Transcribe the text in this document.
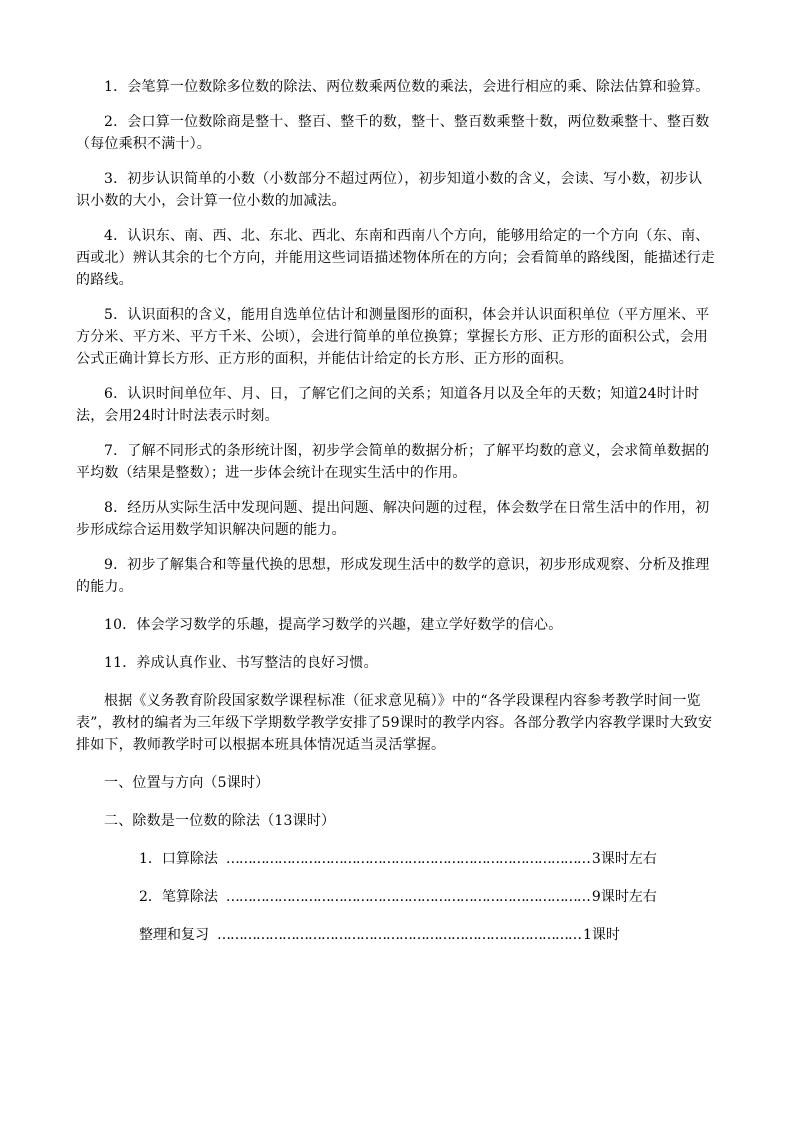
1．会笔算一位数除多位数的除法、两位数乘两位数的乘法，会进行相应的乘、除法估算和验算。

2．会口算一位数除商是整十、整百、整千的数，整十、整百数乘整十数，两位数乘整十、整百数（每位乘积不满十）。

3．初步认识简单的小数（小数部分不超过两位），初步知道小数的含义，会读、写小数，初步认识小数的大小，会计算一位小数的加减法。

4．认识东、南、西、北、东北、西北、东南和西南八个方向，能够用给定的一个方向（东、南、西或北）辨认其余的七个方向，并能用这些词语描述物体所在的方向；会看简单的路线图，能描述行走的路线。

5．认识面积的含义，能用自选单位估计和测量图形的面积，体会并认识面积单位（平方厘米、平方分米、平方米、平方千米、公顷），会进行简单的单位换算；掌握长方形、正方形的面积公式，会用公式正确计算长方形、正方形的面积，并能估计给定的长方形、正方形的面积。

6．认识时间单位年、月、日，了解它们之间的关系；知道各月以及全年的天数；知道24时计时法，会用24时计时法表示时刻。

7．了解不同形式的条形统计图，初步学会简单的数据分析；了解平均数的意义，会求简单数据的平均数（结果是整数）；进一步体会统计在现实生活中的作用。

8．经历从实际生活中发现问题、提出问题、解决问题的过程，体会数学在日常生活中的作用，初步形成综合运用数学知识解决问题的能力。

9．初步了解集合和等量代换的思想，形成发现生活中的数学的意识，初步形成观察、分析及推理的能力。

10．体会学习数学的乐趣，提高学习数学的兴趣，建立学好数学的信心。

11．养成认真作业、书写整洁的良好习惯。

根据《义务教育阶段国家数学课程标准（征求意见稿）》中的“各学段课程内容参考教学时间一览表”，教材的编者为三年级下学期数学教学安排了59课时的教学内容。各部分教学内容教学课时大致安排如下，教师教学时可以根据本班具体情况适当灵活掌握。

一、位置与方向（5课时）

二、除数是一位数的除法（13课时）

1．口算除法 ………………………………………………………………………… 3课时左右
2．笔算除法 ………………………………………………………………………… 9课时左右
整理和复习 ………………………………………………………………………… 1课时
